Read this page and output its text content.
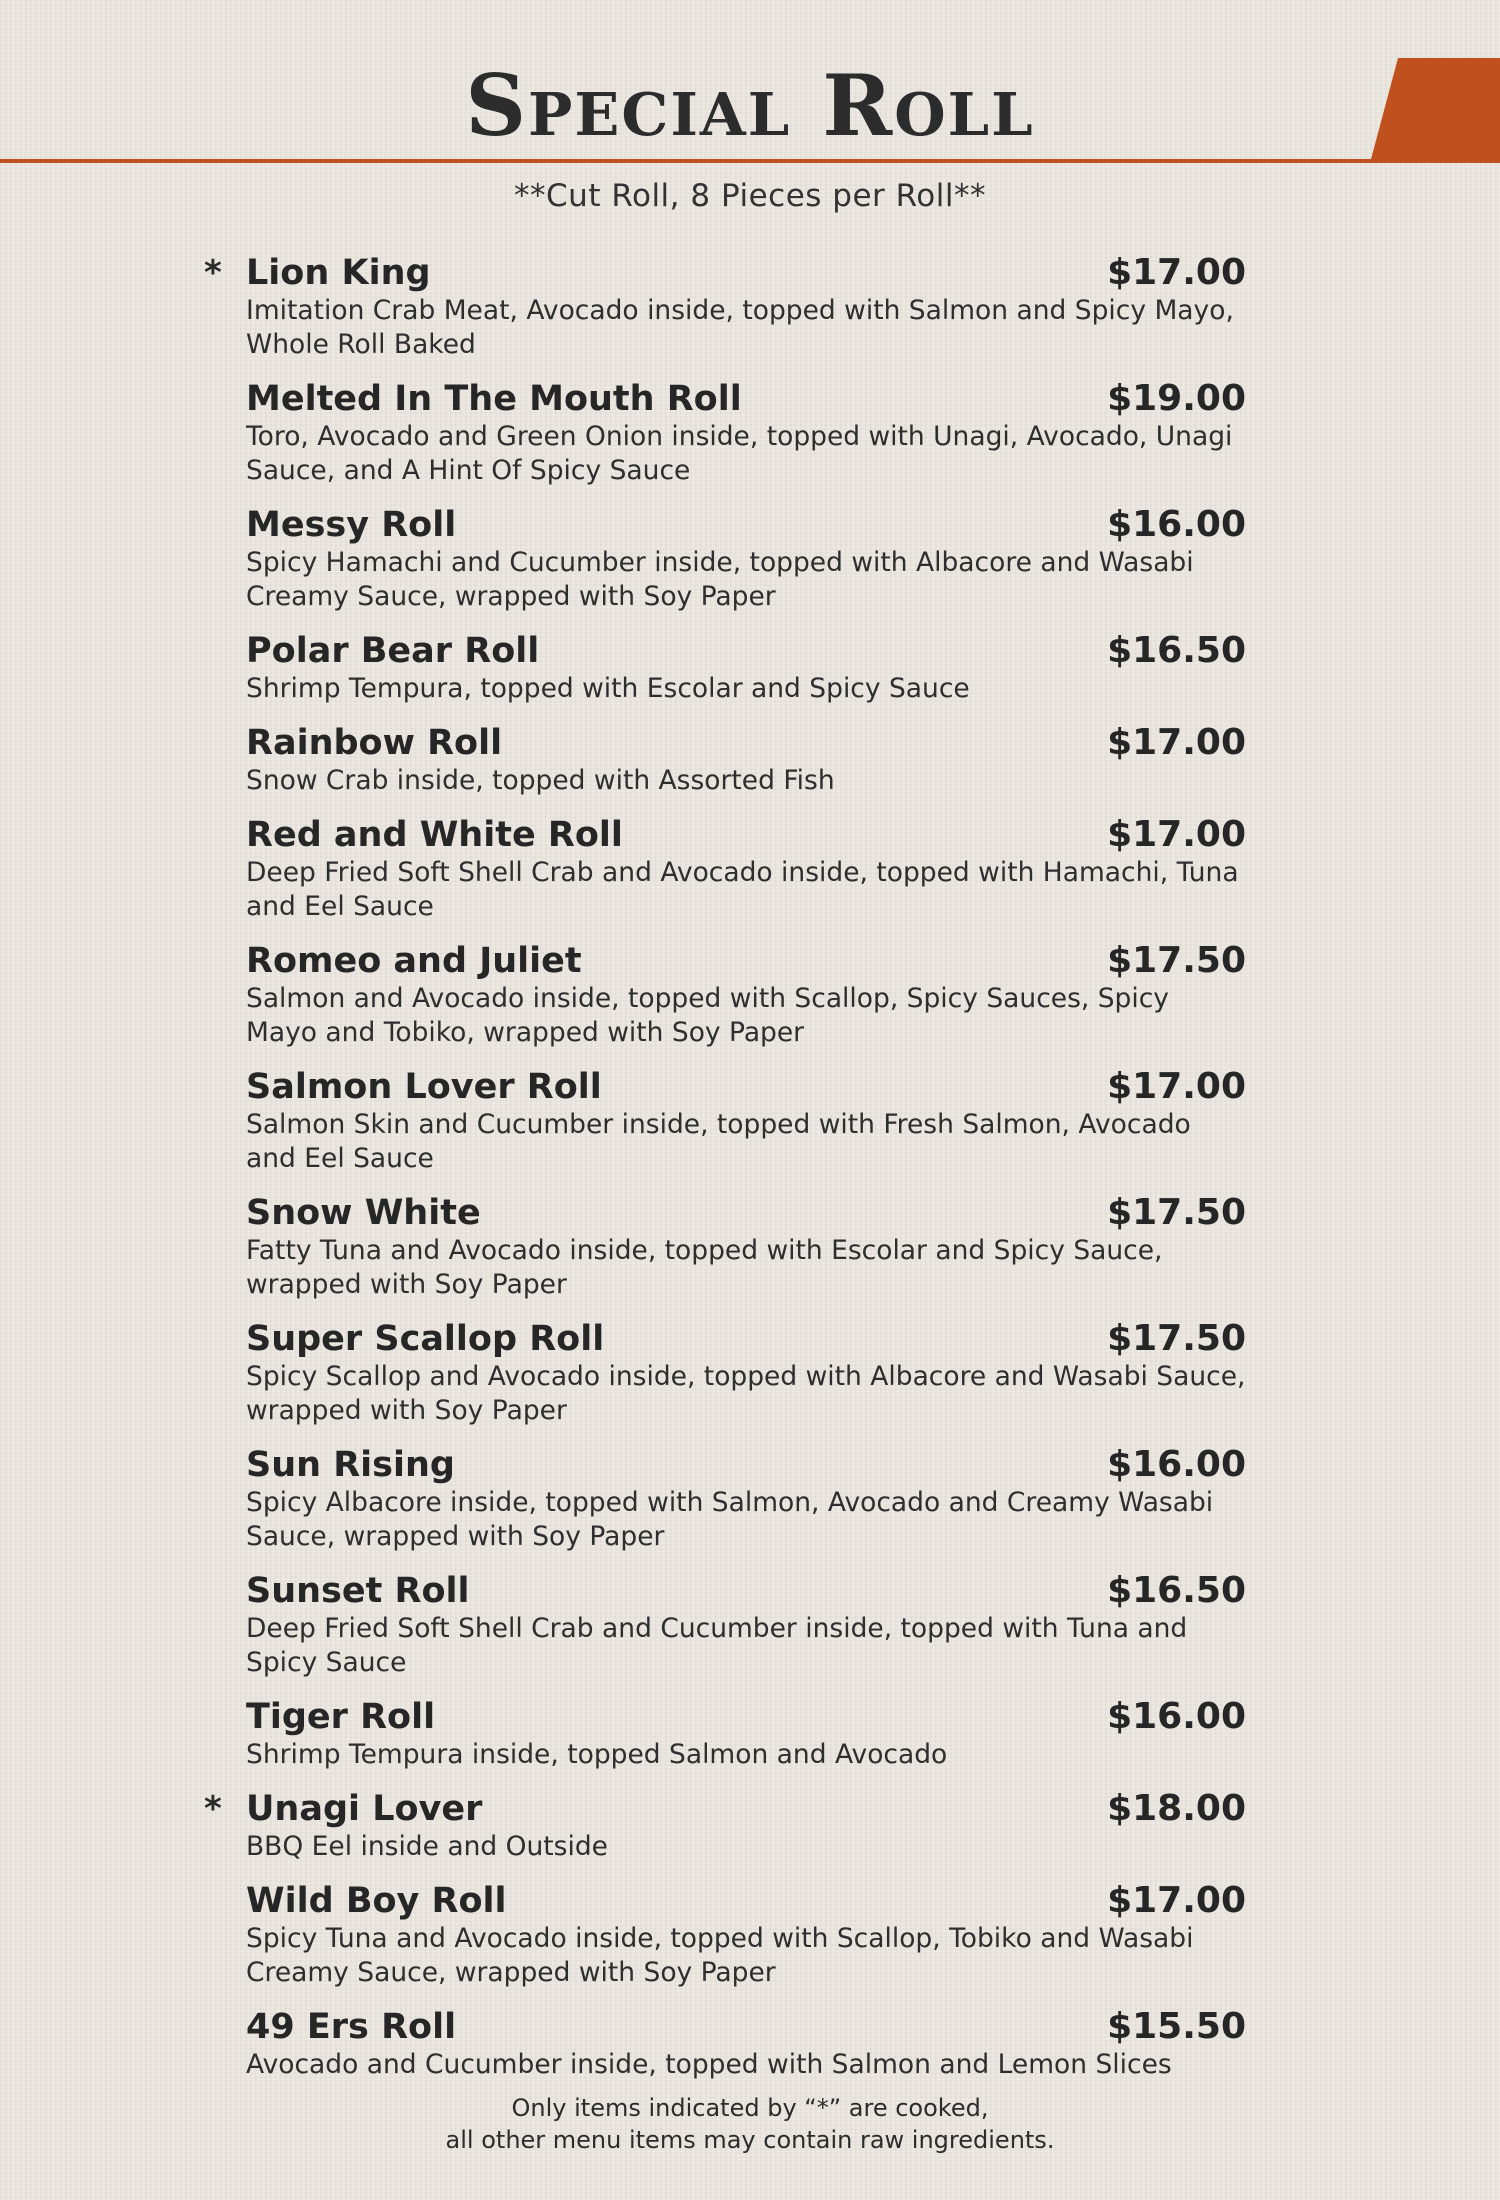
Special Roll
**Cut Roll, 8 Pieces per Roll**
* Lion King	$17.00
Imitation Crab Meat, Avocado inside, topped with Salmon and Spicy Mayo, Whole Roll Baked
Melted In The Mouth Roll	$19.00
Toro, Avocado and Green Onion inside, topped with Unagi, Avocado, Unagi Sauce, and A Hint Of Spicy Sauce
Messy Roll	$16.00
Spicy Hamachi and Cucumber inside, topped with Albacore and Wasabi Creamy Sauce, wrapped with Soy Paper
Polar Bear Roll	$16.50
Shrimp Tempura, topped with Escolar and Spicy Sauce
Rainbow Roll	$17.00
Snow Crab inside, topped with Assorted Fish
Red and White Roll	$17.00
Deep Fried Soft Shell Crab and Avocado inside, topped with Hamachi, Tuna and Eel Sauce
Romeo and Juliet	$17.50
Salmon and Avocado inside, topped with Scallop, Spicy Sauces, Spicy Mayo and Tobiko, wrapped with Soy Paper
Salmon Lover Roll	$17.00
Salmon Skin and Cucumber inside, topped with Fresh Salmon, Avocado and Eel Sauce
Snow White	$17.50
Fatty Tuna and Avocado inside, topped with Escolar and Spicy Sauce, wrapped with Soy Paper
Super Scallop Roll	$17.50
Spicy Scallop and Avocado inside, topped with Albacore and Wasabi Sauce, wrapped with Soy Paper
Sun Rising	$16.00
Spicy Albacore inside, topped with Salmon, Avocado and Creamy Wasabi Sauce, wrapped with Soy Paper
Sunset Roll	$16.50
Deep Fried Soft Shell Crab and Cucumber inside, topped with Tuna and Spicy Sauce
Tiger Roll	$16.00
Shrimp Tempura inside, topped Salmon and Avocado
* Unagi Lover	$18.00
BBQ Eel inside and Outside
Wild Boy Roll	$17.00
Spicy Tuna and Avocado inside, topped with Scallop, Tobiko and Wasabi Creamy Sauce, wrapped with Soy Paper
49 Ers Roll	$15.50
Avocado and Cucumber inside, topped with Salmon and Lemon Slices
Only items indicated by “*” are cooked,
all other menu items may contain raw ingredients.
